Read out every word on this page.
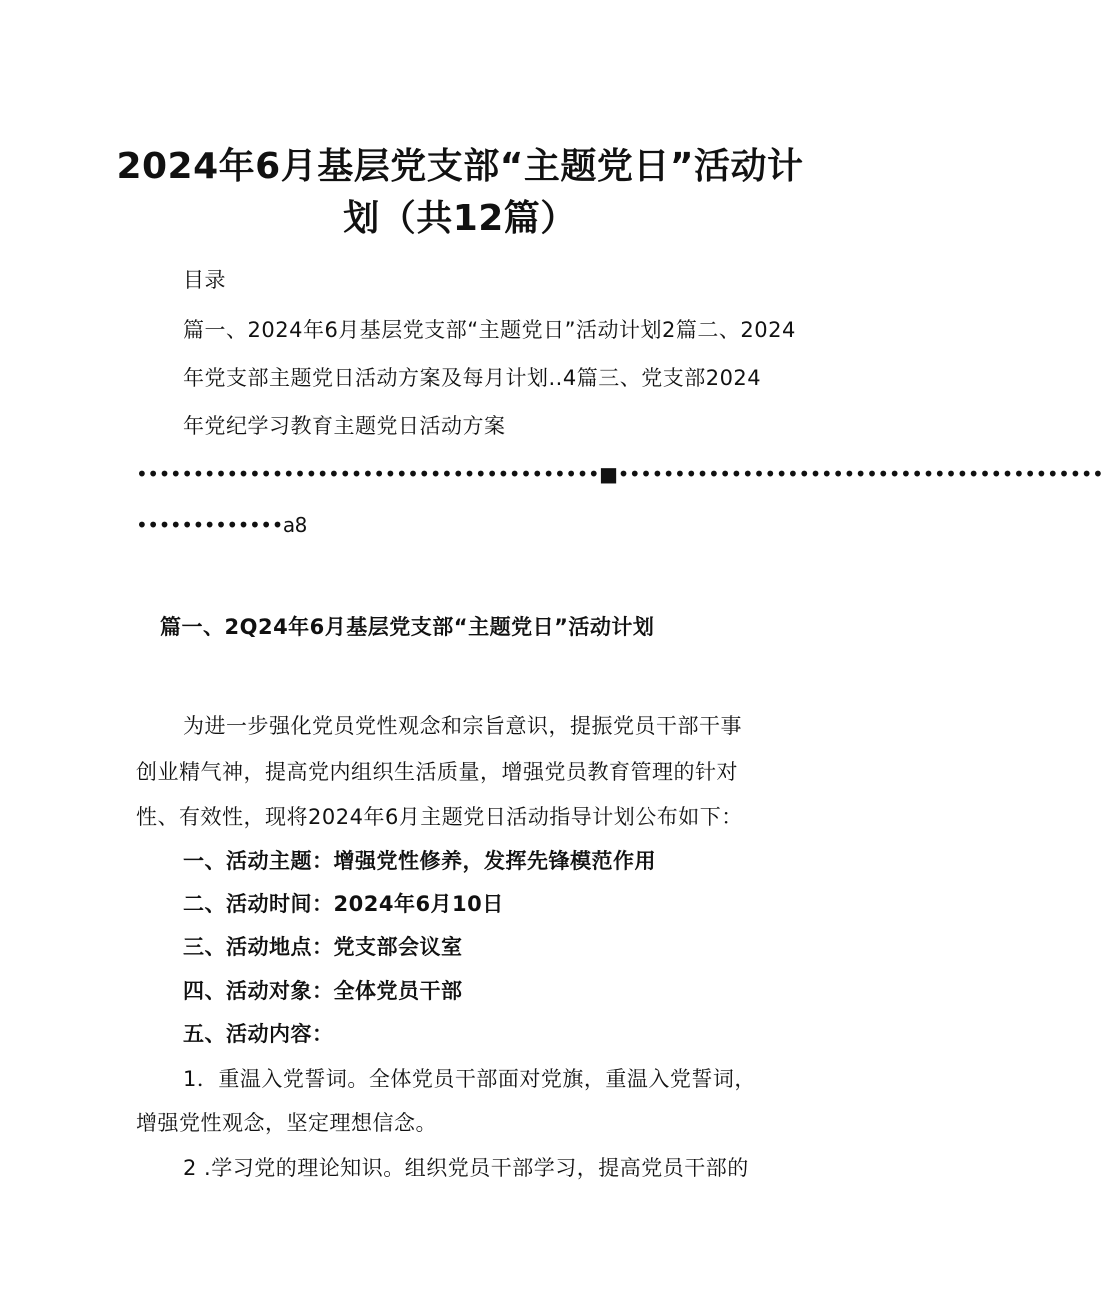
2024年6月基层党支部“主题党日”活动计
划（共12篇）
目录
篇一、2024年6月基层党支部“主题党日”活动计划2篇二、2024
年党支部主题党日活动方案及每月计划..4篇三、党支部2024
年党纪学习教育主题党日活动方案
•••••••••••••••••••••••••••••••••••••••••■•••••••••••••••••••••••••••••••••••••••••••
•••••••••••••a8
篇一、2Q24年6月基层党支部“主题党日”活动计划
为进一步强化党员党性观念和宗旨意识，提振党员干部干事
创业精气神，提高党内组织生活质量，增强党员教育管理的针对
性、有效性，现将2024年6月主题党日活动指导计划公布如下：
一、活动主题：增强党性修养，发挥先锋模范作用
二、活动时间：2024年6月10日
三、活动地点：党支部会议室
四、活动对象：全体党员干部
五、活动内容：
1．重温入党誓词。全体党员干部面对党旗，重温入党誓词，
增强党性观念，坚定理想信念。
2 .学习党的理论知识。组织党员干部学习，提高党员干部的
